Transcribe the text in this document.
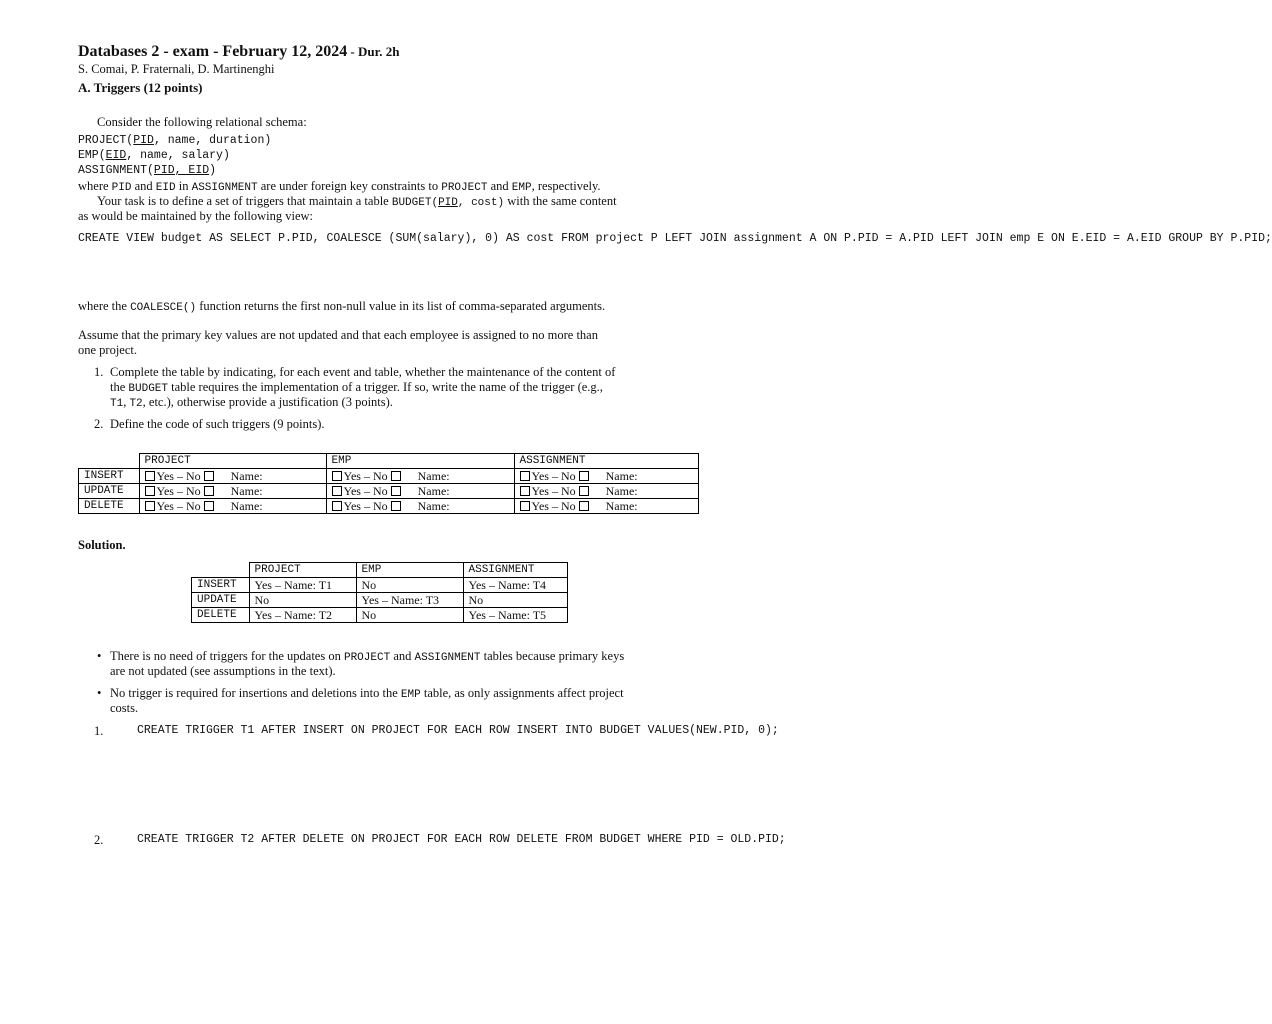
Databases 2 - exam - February 12, 2024 - Dur. 2h
S. Comai, P. Fraternali, D. Martinenghi
A. Triggers (12 points)
Consider the following relational schema:
PROJECT(PID, name, duration)
EMP(EID, name, salary)
ASSIGNMENT(PID, EID)
where PID and EID in ASSIGNMENT are under foreign key constraints to PROJECT and EMP, respectively.
Your task is to define a set of triggers that maintain a table BUDGET(PID, cost) with the same content
as would be maintained by the following view:
CREATE VIEW budget AS SELECT P.PID, COALESCE (SUM(salary), 0) AS cost FROM project P LEFT JOIN assignment A ON P.PID = A.PID LEFT JOIN emp E ON E.EID = A.EID GROUP BY P.PID;
where the COALESCE() function returns the first non-null value in its list of comma-separated arguments.
Assume that the primary key values are not updated and that each employee is assigned to no more than
one project.
1. Complete the table by indicating, for each event and table, whether the maintenance of the content of
the BUDGET table requires the implementation of a trigger. If so, write the name of the trigger (e.g.,
T1, T2, etc.), otherwise provide a justification (3 points).
2. Define the code of such triggers (9 points).
	PROJECT	EMP	ASSIGNMENT
INSERT	Yes – No Name:	Yes – No Name:	Yes – No Name:
UPDATE	Yes – No Name:	Yes – No Name:	Yes – No Name:
DELETE	Yes – No Name:	Yes – No Name:	Yes – No Name:
Solution.
	PROJECT	EMP	ASSIGNMENT
INSERT	Yes – Name: T1	No	Yes – Name: T4
UPDATE	No	Yes – Name: T3	No
DELETE	Yes – Name: T2	No	Yes – Name: T5
• There is no need of triggers for the updates on PROJECT and ASSIGNMENT tables because primary keys
are not updated (see assumptions in the text).
• No trigger is required for insertions and deletions into the EMP table, as only assignments affect project
costs.
1.	CREATE TRIGGER T1 AFTER INSERT ON PROJECT FOR EACH ROW INSERT INTO BUDGET VALUES(NEW.PID, 0);
2.	CREATE TRIGGER T2 AFTER DELETE ON PROJECT FOR EACH ROW DELETE FROM BUDGET WHERE PID = OLD.PID;
